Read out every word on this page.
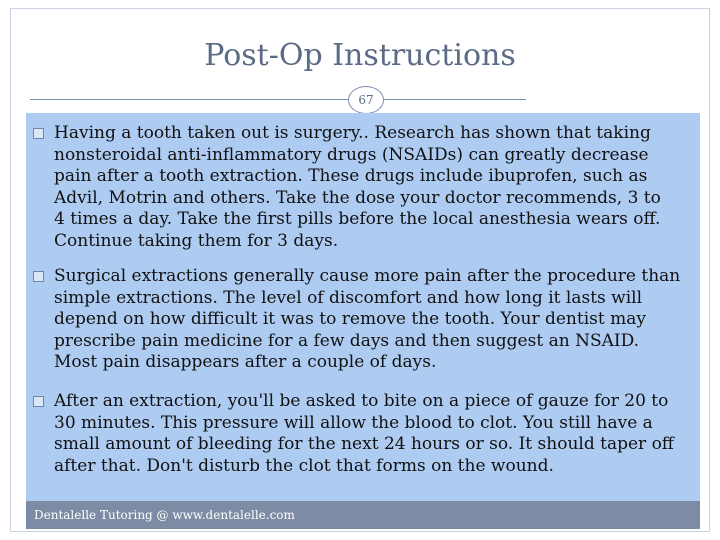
Post-Op Instructions
67
Having a tooth taken out is surgery.. Research has shown that taking
nonsteroidal anti-inflammatory drugs (NSAIDs) can greatly decrease
pain after a tooth extraction. These drugs include ibuprofen, such as
Advil, Motrin and others. Take the dose your doctor recommends, 3 to
4 times a day. Take the first pills before the local anesthesia wears off.
Continue taking them for 3 days.
Surgical extractions generally cause more pain after the procedure than
simple extractions. The level of discomfort and how long it lasts will
depend on how difficult it was to remove the tooth. Your dentist may
prescribe pain medicine for a few days and then suggest an NSAID.
Most pain disappears after a couple of days.
After an extraction, you'll be asked to bite on a piece of gauze for 20 to
30 minutes. This pressure will allow the blood to clot. You still have a
small amount of bleeding for the next 24 hours or so. It should taper off
after that. Don't disturb the clot that forms on the wound.
Dentalelle Tutoring @ www.dentalelle.com
